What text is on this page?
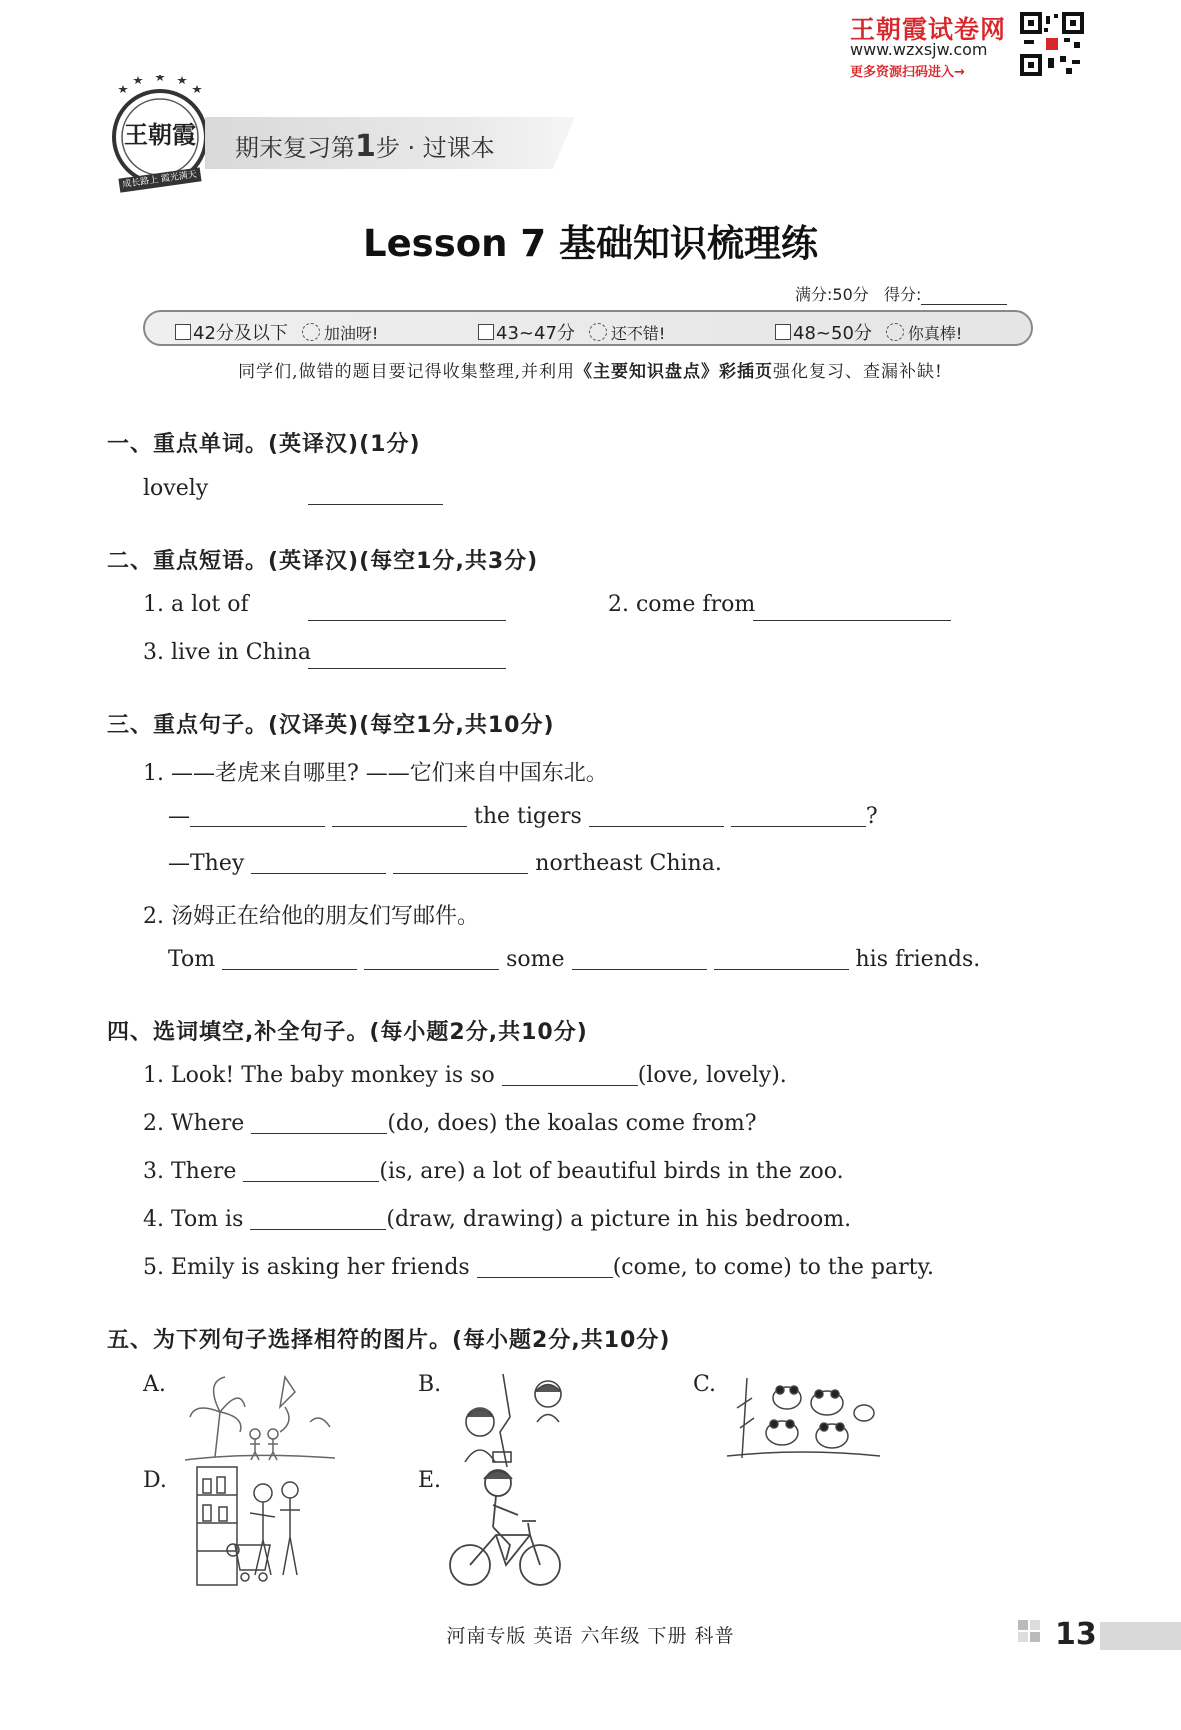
王朝霞试卷网
www.wzxsjw.com
更多资源扫码进入→
王朝霞
成长路上 霞光满天
期末复习第1步 · 过课本
Lesson 7 基础知识梳理练
满分:50分 得分:
42分及以下 加油呀!	43~47分 还不错!	48~50分 你真棒!
同学们,做错的题目要记得收集整理,并利用《主要知识盘点》彩插页强化复习、查漏补缺!
一、重点单词。(英译汉)(1分)
lovely
二、重点短语。(英译汉)(每空1分,共3分)
1. a lot of	2. come from
3. live in China
三、重点句子。(汉译英)(每空1分,共10分)
1. ——老虎来自哪里? ——它们来自中国东北。
—	the tigers	?
—They	northeast China.
2. 汤姆正在给他的朋友们写邮件。
Tom	some	his friends.
四、选词填空,补全句子。(每小题2分,共10分)
1. Look! The baby monkey is so	(love, lovely).
2. Where	(do, does) the koalas come from?
3. There	(is, are) a lot of beautiful birds in the zoo.
4. Tom is	(draw, drawing) a picture in his bedroom.
5. Emily is asking her friends	(come, to come) to the party.
五、为下列句子选择相符的图片。(每小题2分,共10分)
A.	B.	C.
D.	E.
河南专版 英语 六年级 下册 科普	13
